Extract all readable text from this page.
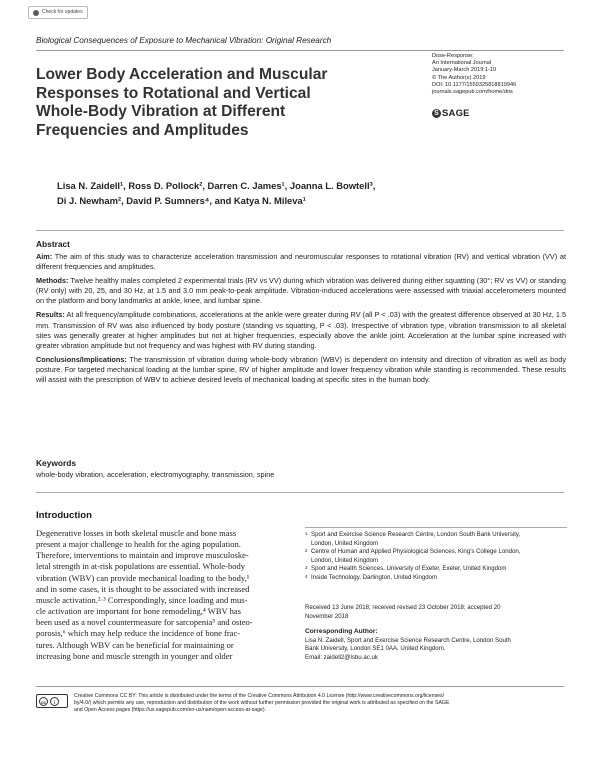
Check for updates
Biological Consequences of Exposure to Mechanical Vibration: Original Research
Lower Body Acceleration and Muscular
Responses to Rotational and Vertical
Whole-Body Vibration at Different
Frequencies and Amplitudes
Dose-Response:
An International Journal
January-March 2019:1-10
© The Author(s) 2019
DOI: 10.1177/1559325818819946
journals.sagepub.com/home/dos
S SAGE
Lisa N. Zaidell¹, Ross D. Pollock², Darren C. James¹, Joanna L. Bowtell³,
Di J. Newham², David P. Sumners⁴, and Katya N. Mileva¹
Abstract

Aim: The aim of this study was to characterize acceleration transmission and neuromuscular responses to rotational vibration (RV) and vertical vibration (VV) at different frequencies and amplitudes.

Methods: Twelve healthy males completed 2 experimental trials (RV vs VV) during which vibration was delivered during either squatting (30°; RV vs VV) or standing (RV only) with 20, 25, and 30 Hz, at 1.5 and 3.0 mm peak-to-peak amplitude. Vibration-induced accelerations were assessed with triaxial accelerometers mounted on the platform and bony landmarks at ankle, knee, and lumbar spine.

Results: At all frequency/amplitude combinations, accelerations at the ankle were greater during RV (all P < .03) with the greatest difference observed at 30 Hz, 1.5 mm. Transmission of RV was also influenced by body posture (standing vs squatting, P < .03). Irrespective of vibration type, vibration transmission to all skeletal sites was generally greater at higher amplitudes but not at higher frequencies, especially above the ankle joint. Acceleration at the lumbar spine increased with greater vibration amplitude but not frequency and was highest with RV during standing.

Conclusions/Implications: The transmission of vibration during whole-body vibration (WBV) is dependent on intensity and direction of vibration as well as body posture. For targeted mechanical loading at the lumbar spine, RV of higher amplitude and lower frequency vibration while standing is recommended. These results will assist with the prescription of WBV to achieve desired levels of mechanical loading at specific sites in the human body.

Keywords
whole-body vibration, acceleration, electromyography, transmission, spine
Introduction
Degenerative losses in both skeletal muscle and bone mass
present a major challenge to health for the aging population.
Therefore, interventions to maintain and improve musculoske-
letal strength in at-risk populations are essential. Whole-body
vibration (WBV) can provide mechanical loading to the body,¹
and in some cases, it is thought to be associated with increased
muscle activation.²·³ Correspondingly, since loading and mus-
cle activation are important for bone remodeling,⁴ WBV has
been used as a novel countermeasure for sarcopenia⁵ and osteo-
porosis,⁶ which may help reduce the incidence of bone frac-
tures. Although WBV can be beneficial for maintaining or
increasing bone and muscle strength in younger and older
1 Sport and Exercise Science Research Centre, London South Bank University,
London, United Kingdom
2 Centre of Human and Applied Physiological Sciences, King's College London,
London, United Kingdom
3 Sport and Health Sciences, University of Exeter, Exeter, United Kingdom
4 Inside Technology, Darlington, United Kingdom
Received 13 June 2018; received revised 23 October 2018; accepted 20
November 2018
Corresponding Author:
Lisa N. Zaidell, Sport and Exercise Science Research Centre, London South
Bank University, London SE1 0AA, United Kingdom.
Email: zaidell2@lsbu.ac.uk
cc	i
Creative Commons CC BY: This article is distributed under the terms of the Creative Commons Attribution 4.0 License (http://www.creativecommons.org/licenses/
by/4.0/) which permits any use, reproduction and distribution of the work without further permission provided the original work is attributed as specified on the SAGE
and Open Access pages (https://us.sagepub.com/en-us/nam/open-access-at-sage).
